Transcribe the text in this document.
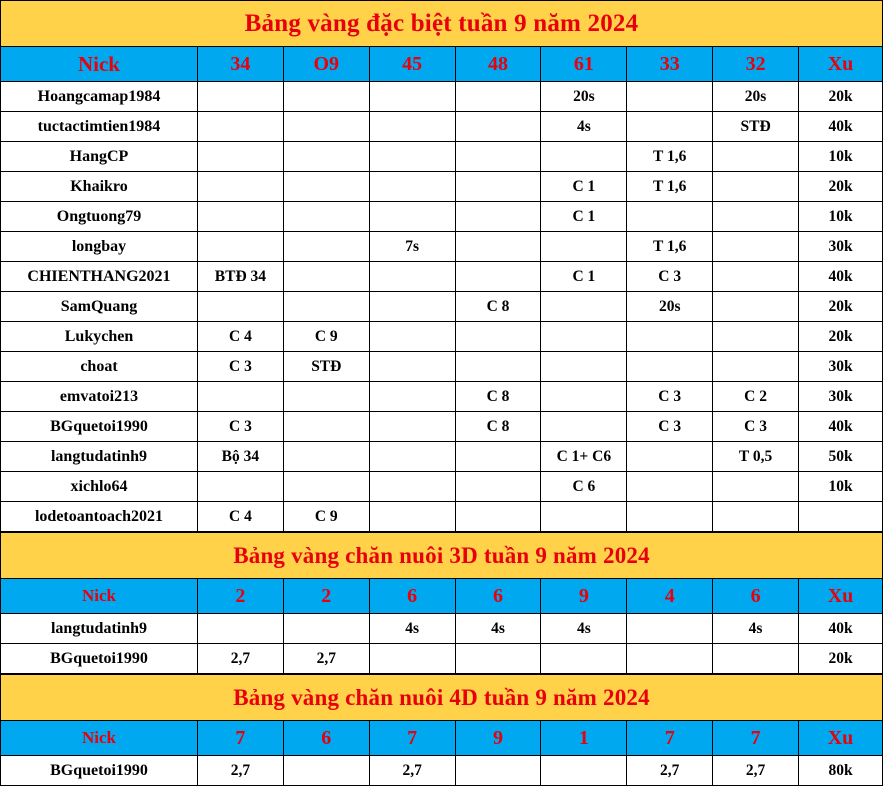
Bảng vàng đặc biệt tuần 9 năm 2024								
Nick	34	O9	45	48	61	33	32	Xu
Hoangcamap1984					20s		20s	20k
tuctactimtien1984					4s		STĐ	40k
HangCP						T 1,6		10k
Khaikro					C 1	T 1,6		20k
Ongtuong79					C 1			10k
longbay			7s			T 1,6		30k
CHIENTHANG2021	BTĐ 34				C 1	C 3		40k
SamQuang				C 8		20s		20k
Lukychen	C 4	C 9						20k
choat	C 3	STĐ						30k
emvatoi213				C 8		C 3	C 2	30k
BGquetoi1990	C 3			C 8		C 3	C 3	40k
langtudatinh9	Bộ 34				C 1+ C6		T 0,5	50k
xichlo64					C 6			10k
lodetoantoach2021	C 4	C 9						
Bảng vàng chăn nuôi 3D tuần 9 năm 2024								
Nick	2	2	6	6	9	4	6	Xu
langtudatinh9			4s	4s	4s		4s	40k
BGquetoi1990	2,7	2,7						20k
Bảng vàng chăn nuôi 4D tuần 9 năm 2024								
Nick	7	6	7	9	1	7	7	Xu
BGquetoi1990	2,7		2,7			2,7	2,7	80k
